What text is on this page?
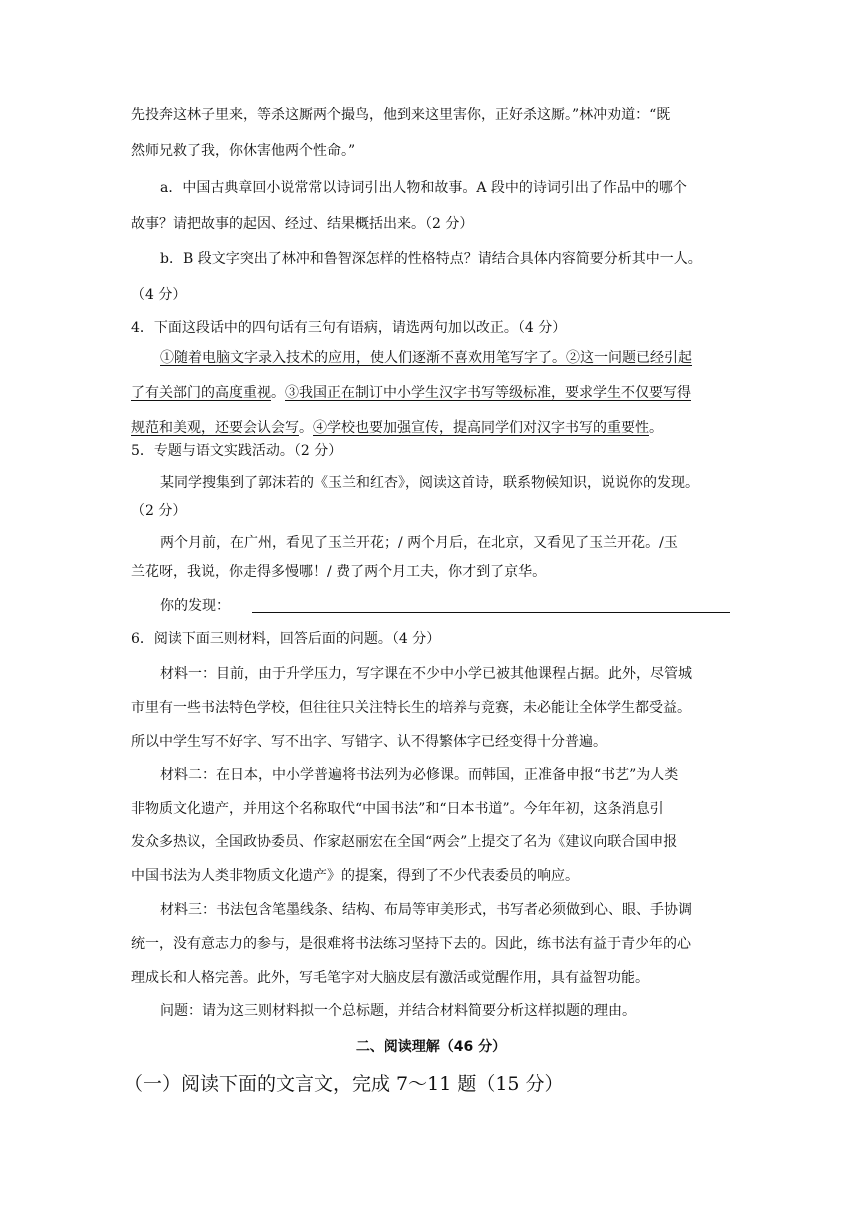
先投奔这林子里来，等杀这厮两个撮鸟，他到来这里害你，正好杀这厮。”林冲劝道：“既
然师兄救了我，你休害他两个性命。”
a．中国古典章回小说常常以诗词引出人物和故事。A 段中的诗词引出了作品中的哪个
故事？请把故事的起因、经过、结果概括出来。（2 分）
b．B 段文字突出了林冲和鲁智深怎样的性格特点？请结合具体内容简要分析其中一人。
（4 分）
4．下面这段话中的四句话有三句有语病，请选两句加以改正。（4 分）
①随着电脑文字录入技术的应用，使人们逐渐不喜欢用笔写字了。②这一问题已经引起
了有关部门的高度重视。③我国正在制订中小学生汉字书写等级标准，要求学生不仅要写得
规范和美观，还要会认会写。④学校也要加强宣传，提高同学们对汉字书写的重要性。
5．专题与语文实践活动。（2 分）
某同学搜集到了郭沫若的《玉兰和红杏》，阅读这首诗，联系物候知识，说说你的发现。
（2 分）
两个月前，在广州，看见了玉兰开花；/ 两个月后，在北京，又看见了玉兰开花。/玉
兰花呀，我说，你走得多慢哪！/ 费了两个月工夫，你才到了京华。
你的发现：
6．阅读下面三则材料，回答后面的问题。（4 分）
材料一：目前，由于升学压力，写字课在不少中小学已被其他课程占据。此外，尽管城
市里有一些书法特色学校，但往往只关注特长生的培养与竞赛，未必能让全体学生都受益。
所以中学生写不好字、写不出字、写错字、认不得繁体字已经变得十分普遍。
材料二：在日本，中小学普遍将书法列为必修课。而韩国，正准备申报“书艺”为人类
非物质文化遗产，并用这个名称取代“中国书法”和“日本书道”。今年年初，这条消息引
发众多热议，全国政协委员、作家赵丽宏在全国“两会”上提交了名为《建议向联合国申报
中国书法为人类非物质文化遗产》的提案，得到了不少代表委员的响应。
材料三：书法包含笔墨线条、结构、布局等审美形式，书写者必须做到心、眼、手协调
统一，没有意志力的参与，是很难将书法练习坚持下去的。因此，练书法有益于青少年的心
理成长和人格完善。此外，写毛笔字对大脑皮层有激活或觉醒作用，具有益智功能。
问题：请为这三则材料拟一个总标题，并结合材料简要分析这样拟题的理由。
二、阅读理解（46 分）
（一）阅读下面的文言文，完成 7～11 题（15 分）
